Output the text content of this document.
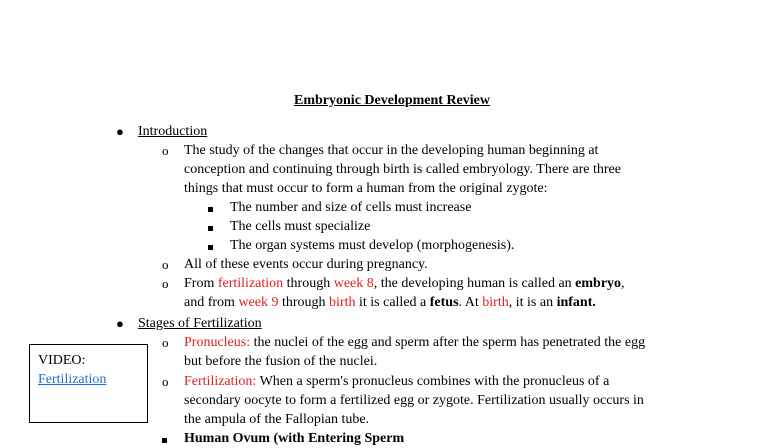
Embryonic Development Review
● Introduction
o The study of the changes that occur in the developing human beginning at
conception and continuing through birth is called embryology. There are three
things that must occur to form a human from the original zygote:
The number and size of cells must increase
The cells must specialize
The organ systems must develop (morphogenesis).
o All of these events occur during pregnancy.
o From fertilization through week 8, the developing human is called an embryo,
and from week 9 through birth it is called a fetus. At birth, it is an infant.
● Stages of Fertilization
o Pronucleus: the nuclei of the egg and sperm after the sperm has penetrated the egg
but before the fusion of the nuclei.
o Fertilization: When a sperm's pronucleus combines with the pronucleus of a
secondary oocyte to form a fertilized egg or zygote. Fertilization usually occurs in
the ampula of the Fallopian tube.
Human Ovum (with Entering Sperm
VIDEO:
Fertilization
